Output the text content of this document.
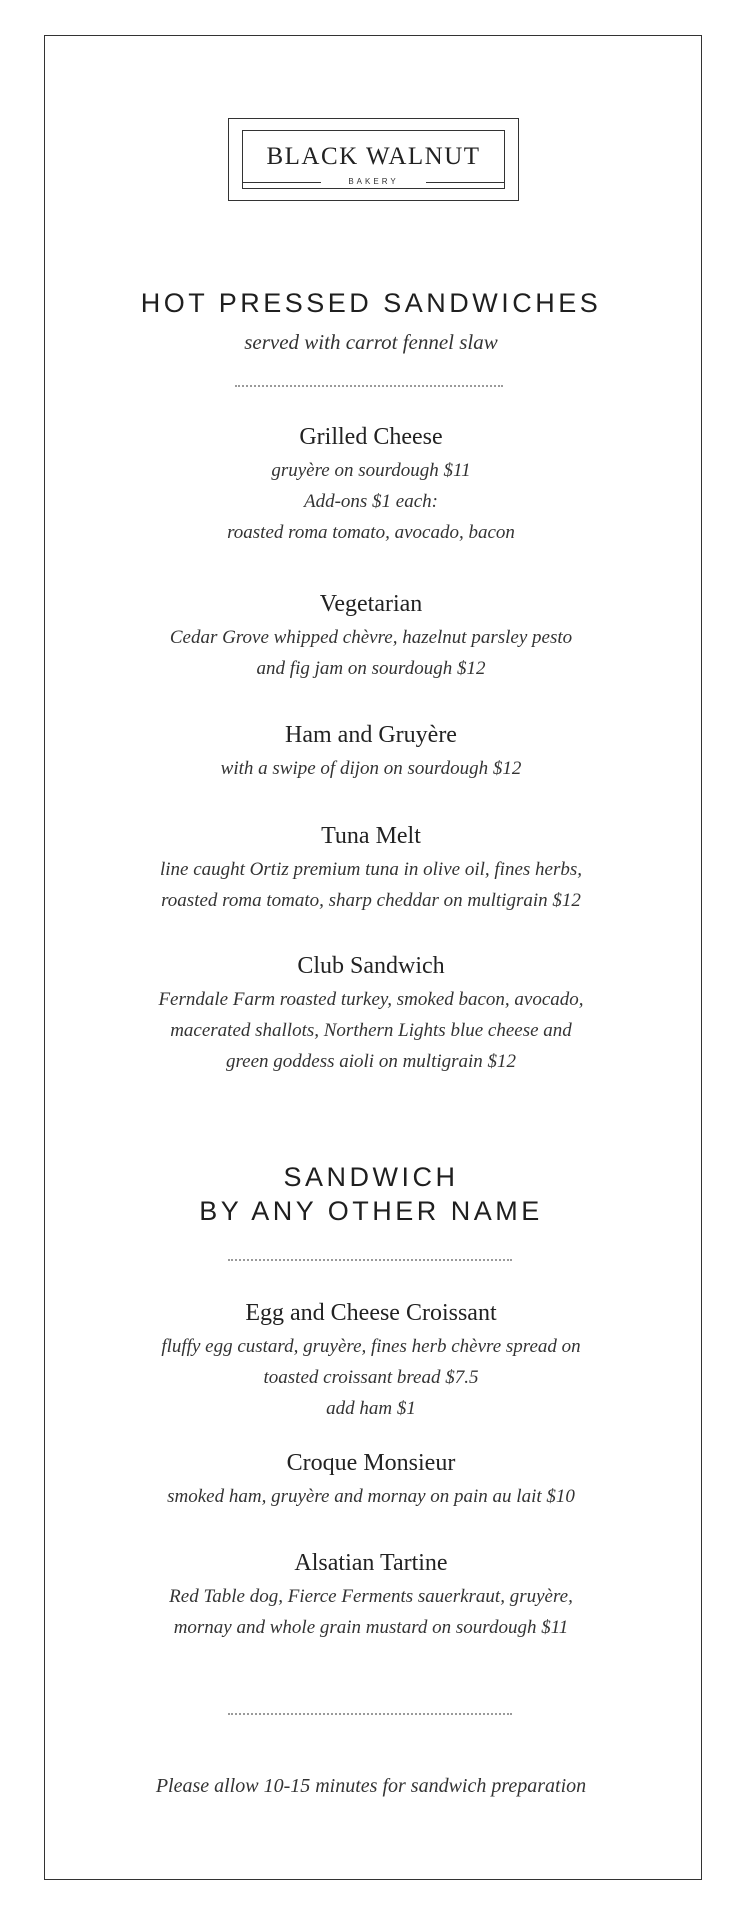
BLACK WALNUT
BAKERY
HOT PRESSED SANDWICHES
served with carrot fennel slaw
Grilled Cheese
gruyère on sourdough $11
Add-ons $1 each:
roasted roma tomato, avocado, bacon
Vegetarian
Cedar Grove whipped chèvre, hazelnut parsley pesto
and fig jam on sourdough $12
Ham and Gruyère
with a swipe of dijon on sourdough $12
Tuna Melt
line caught Ortiz premium tuna in olive oil, fines herbs,
roasted roma tomato, sharp cheddar on multigrain $12
Club Sandwich
Ferndale Farm roasted turkey, smoked bacon, avocado,
macerated shallots, Northern Lights blue cheese and
green goddess aioli on multigrain $12
SANDWICH
BY ANY OTHER NAME
Egg and Cheese Croissant
fluffy egg custard, gruyère, fines herb chèvre spread on
toasted croissant bread $7.5
add ham $1
Croque Monsieur
smoked ham, gruyère and mornay on pain au lait $10
Alsatian Tartine
Red Table dog, Fierce Ferments sauerkraut, gruyère,
mornay and whole grain mustard on sourdough $11
Please allow 10-15 minutes for sandwich preparation
